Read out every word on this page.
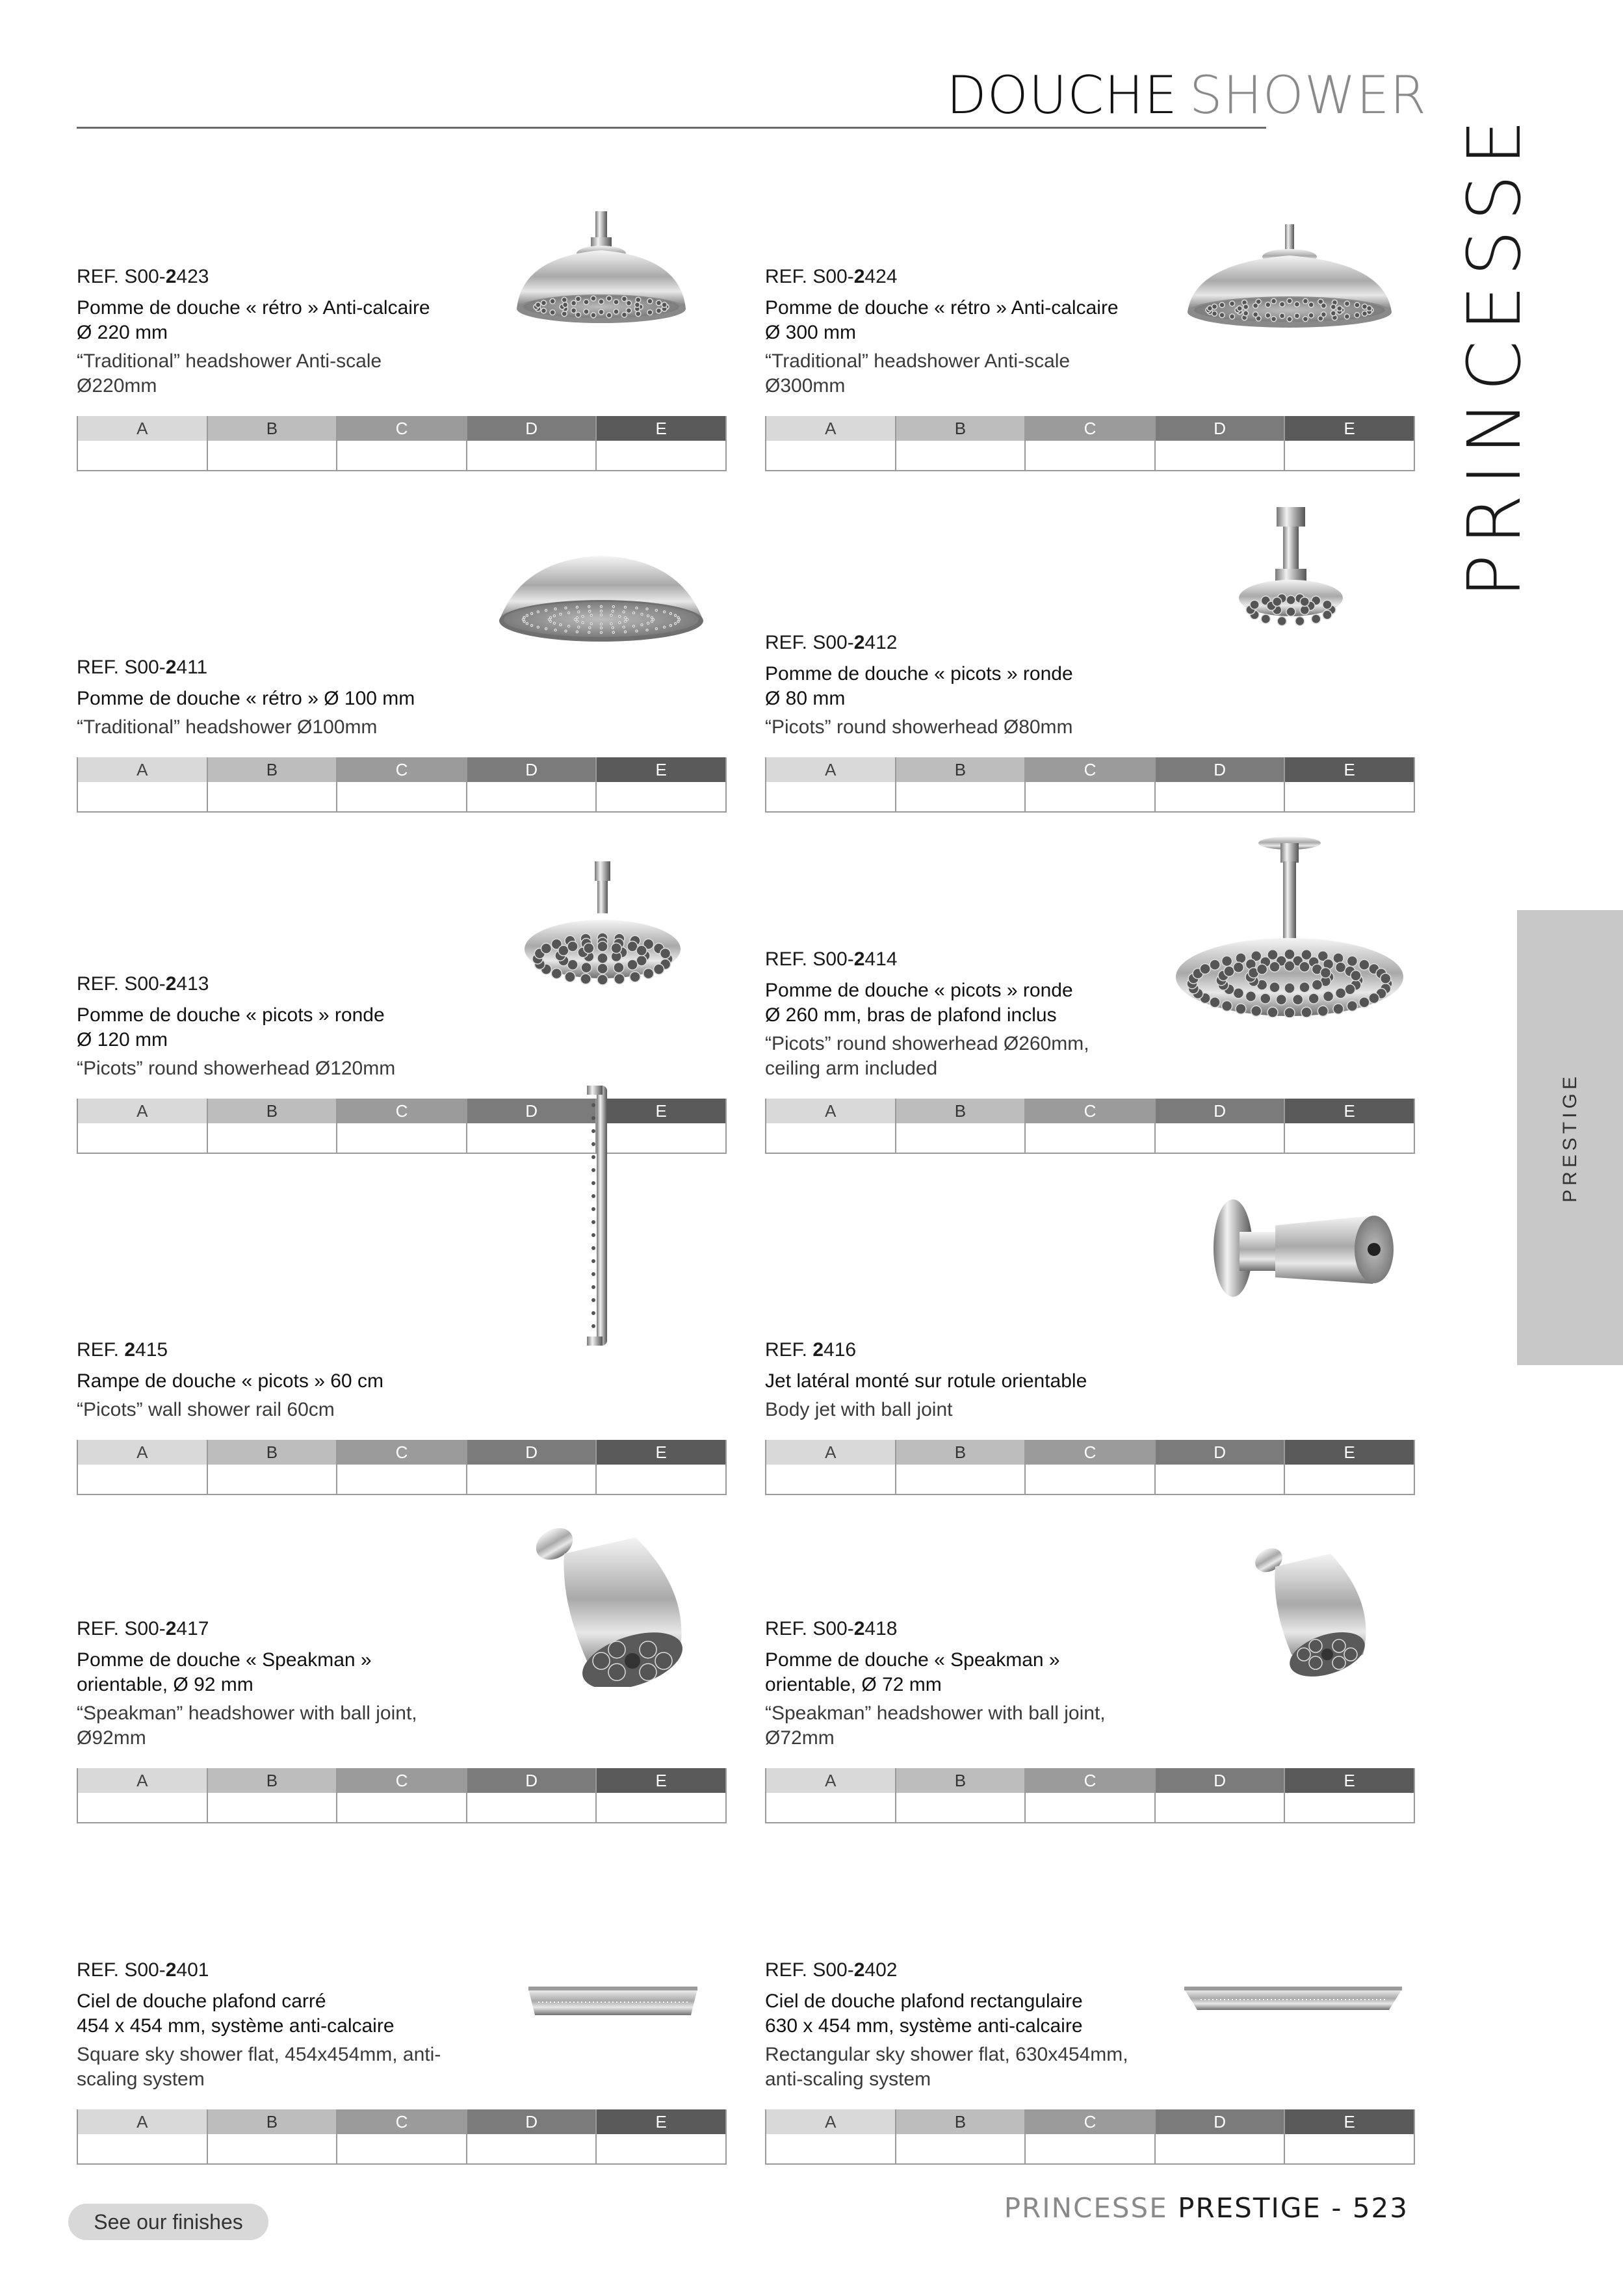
DOUCHE SHOWER
PRINCESSE
PRESTIGE
REF. S00-2423
Pomme de douche « rétro » Anti-calcaire
Ø 220 mm
“Traditional” headshower Anti-scale
Ø220mm
A	B	C	D	E
REF. S00-2424
Pomme de douche « rétro » Anti-calcaire
Ø 300 mm
“Traditional” headshower Anti-scale
Ø300mm
A	B	C	D	E
REF. S00-2411
Pomme de douche « rétro » Ø 100 mm
“Traditional” headshower Ø100mm
A	B	C	D	E
REF. S00-2412
Pomme de douche « picots » ronde
Ø 80 mm
“Picots” round showerhead Ø80mm
A	B	C	D	E
REF. S00-2413
Pomme de douche « picots » ronde
Ø 120 mm
“Picots” round showerhead Ø120mm
A	B	C	D	E
REF. S00-2414
Pomme de douche « picots » ronde
Ø 260 mm, bras de plafond inclus
“Picots” round showerhead Ø260mm,
ceiling arm included
A	B	C	D	E
REF. 2415
Rampe de douche « picots » 60 cm
“Picots” wall shower rail 60cm
A	B	C	D	E
REF. 2416
Jet latéral monté sur rotule orientable
Body jet with ball joint
A	B	C	D	E
REF. S00-2417
Pomme de douche « Speakman »
orientable, Ø 92 mm
“Speakman” headshower with ball joint,
Ø92mm
A	B	C	D	E
REF. S00-2418
Pomme de douche « Speakman »
orientable, Ø 72 mm
“Speakman” headshower with ball joint,
Ø72mm
A	B	C	D	E
REF. S00-2401
Ciel de douche plafond carré
454 x 454 mm, système anti-calcaire
Square sky shower flat, 454x454mm, anti-
scaling system
A	B	C	D	E
REF. S00-2402
Ciel de douche plafond rectangulaire
630 x 454 mm, système anti-calcaire
Rectangular sky shower flat, 630x454mm,
anti-scaling system
A	B	C	D	E
See our finishes	PRINCESSE PRESTIGE - 523
